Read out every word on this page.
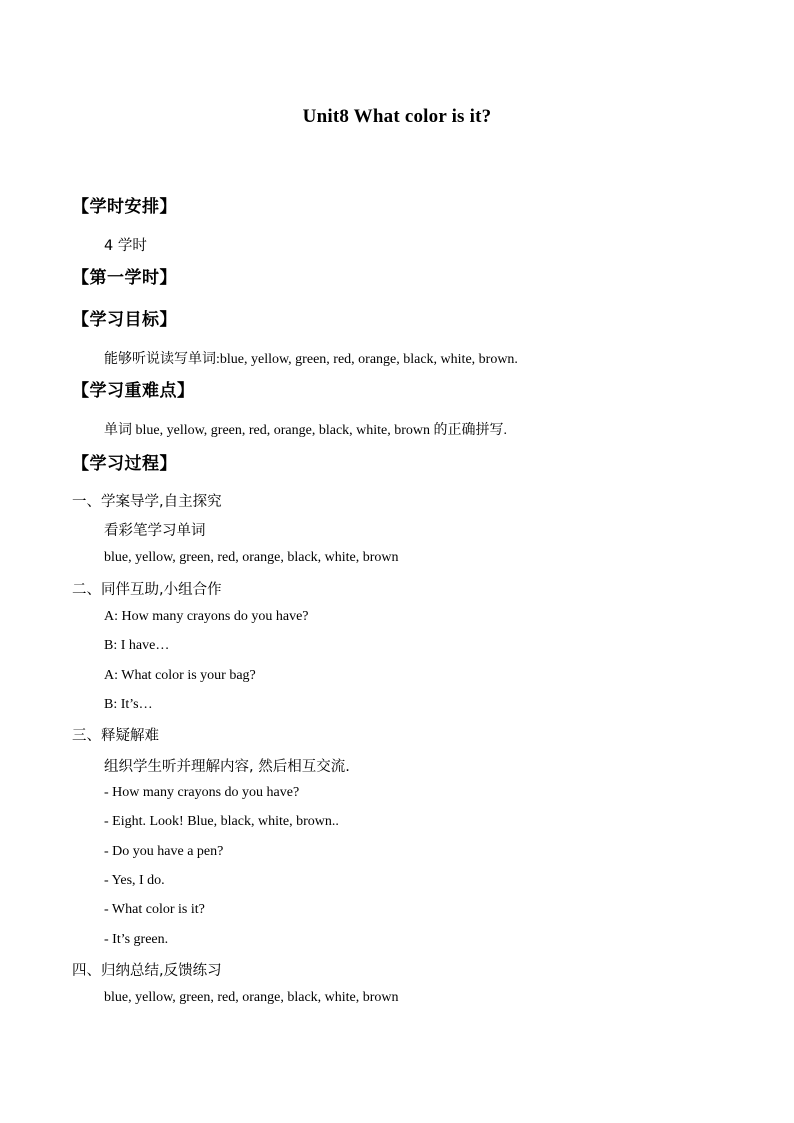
Unit8 What color is it?
【学时安排】
4 学时
【第一学时】
【学习目标】
能够听说读写单词:blue, yellow, green, red, orange, black, white, brown.
【学习重难点】
单词 blue, yellow, green, red, orange, black, white, brown 的正确拼写.
【学习过程】
一、学案导学,自主探究
看彩笔学习单词
blue, yellow, green, red, orange, black, white, brown
二、同伴互助,小组合作
A: How many crayons do you have?
B: I have…
A: What color is your bag?
B: It’s…
三、释疑解难
组织学生听并理解内容, 然后相互交流.
- How many crayons do you have?
- Eight. Look! Blue, black, white, brown..
- Do you have a pen?
- Yes, I do.
- What color is it?
- It’s green.
四、归纳总结,反馈练习
blue, yellow, green, red, orange, black, white, brown
